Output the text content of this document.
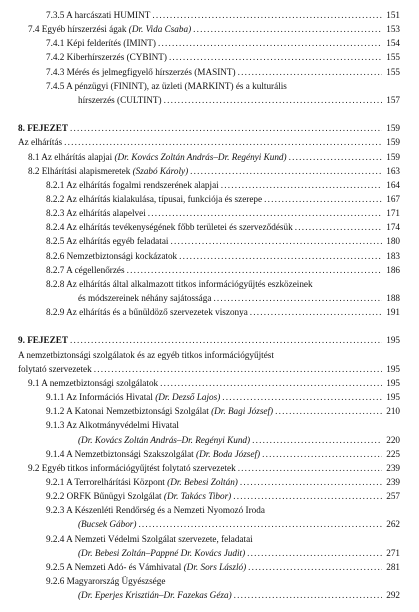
7.3.5 A harcászati HUMINT .....	151
7.4 Egyéb hírszerzési ágak (Dr. Vida Csaba) .....	153
7.4.1 Képi felderítés (IMINT) .....	154
7.4.2 Kiberhírszerzés (CYBINT) .....	155
7.4.3 Mérés és jelmegfigyelő hírszerzés (MASINT) .....	155
7.4.5 A pénzügyi (FININT), az üzleti (MARKINT) és a kulturális
hírszerzés (CULTINT) .....	157
8. FEJEZET .....	159
Az elhárítás .....	159
8.1 Az elhárítás alapjai (Dr. Kovács Zoltán András–Dr. Regényi Kund) .....	159
8.2 Elhárítási alapismeretek (Szabó Károly) .....	163
8.2.1 Az elhárítás fogalmi rendszerének alapjai .....	164
8.2.2 Az elhárítás kialakulása, típusai, funkciója és szerepe .....	167
8.2.3 Az elhárítás alapelvei .....	171
8.2.4 Az elhárítás tevékenységének főbb területei és szerveződésük .....	174
8.2.5 Az elhárítás egyéb feladatai .....	180
8.2.6 Nemzetbiztonsági kockázatok .....	183
8.2.7 A cégellenőrzés .....	186
8.2.8 Az elhárítás által alkalmazott titkos információgyűjtés eszközeinek
és módszereinek néhány sajátossága .....	188
8.2.9 Az elhárítás és a bűnüldöző szervezetek viszonya .....	191
9. FEJEZET .....	195
A nemzetbiztonsági szolgálatok és az egyéb titkos információgyűjtést
folytató szervezetek .....	195
9.1 A nemzetbiztonsági szolgálatok .....	195
9.1.1 Az Információs Hivatal (Dr. Dezső Lajos) .....	195
9.1.2 A Katonai Nemzetbiztonsági Szolgálat (Dr. Bagi József) .....	210
9.1.3 Az Alkotmányvédelmi Hivatal
(Dr. Kovács Zoltán András–Dr. Regényi Kund) .....	220
9.1.4 A Nemzetbiztonsági Szakszolgálat (Dr. Boda József) .....	225
9.2 Egyéb titkos információgyűjtést folytató szervezetek .....	239
9.2.1 A Terrorelhárítási Központ (Dr. Bebesi Zoltán) .....	239
9.2.2 ORFK Bűnügyi Szolgálat (Dr. Takács Tibor) .....	257
9.2.3 A Készenléti Rendőrség és a Nemzeti Nyomozó Iroda
(Bucsek Gábor) .....	262
9.2.4 A Nemzeti Védelmi Szolgálat szervezete, feladatai
(Dr. Bebesi Zoltán–Pappné Dr. Kovács Judit) .....	271
9.2.5 A Nemzeti Adó- és Vámhivatal (Dr. Sors László) .....	281
9.2.6 Magyarország Ügyészsége
(Dr. Eperjes Krisztián–Dr. Fazekas Géza) .....	292
